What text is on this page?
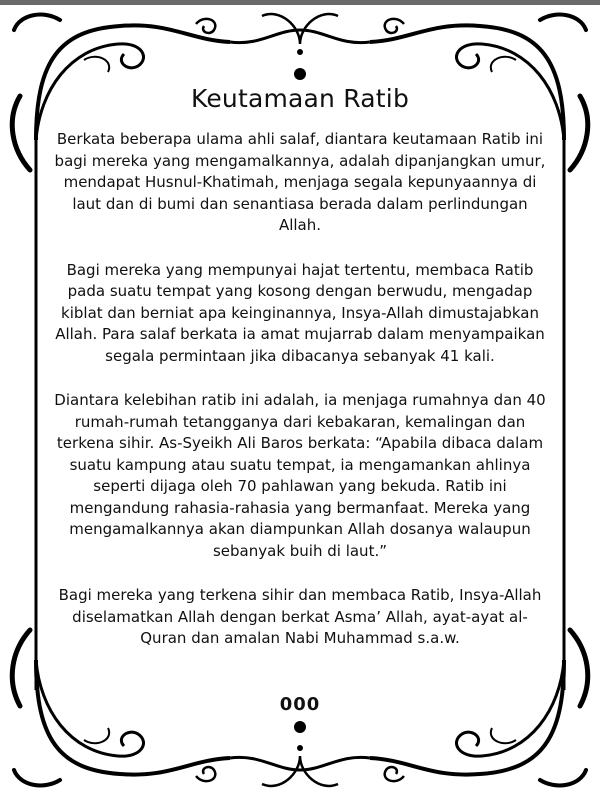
Keutamaan Ratib

Berkata beberapa ulama ahli salaf, diantara keutamaan Ratib ini bagi mereka yang mengamalkannya, adalah dipanjangkan umur, mendapat Husnul-Khatimah, menjaga segala kepunyaannya di laut dan di bumi dan senantiasa berada dalam perlindungan Allah.

Bagi mereka yang mempunyai hajat tertentu, membaca Ratib pada suatu tempat yang kosong dengan berwudu, mengadap kiblat dan berniat apa keinginannya, Insya-Allah dimustajabkan Allah. Para salaf berkata ia amat mujarrab dalam menyampaikan segala permintaan jika dibacanya sebanyak 41 kali.

Diantara kelebihan ratib ini adalah, ia menjaga rumahnya dan 40 rumah-rumah tetangganya dari kebakaran, kemalingan dan terkena sihir. As-Syeikh Ali Baros berkata: “Apabila dibaca dalam suatu kampung atau suatu tempat, ia mengamankan ahlinya seperti dijaga oleh 70 pahlawan yang bekuda. Ratib ini mengandung rahasia-rahasia yang bermanfaat. Mereka yang mengamalkannya akan diampunkan Allah dosanya walaupun sebanyak buih di laut.”

Bagi mereka yang terkena sihir dan membaca Ratib, Insya-Allah diselamatkan Allah dengan berkat Asma’ Allah, ayat-ayat al-Quran dan amalan Nabi Muhammad s.a.w.

000
